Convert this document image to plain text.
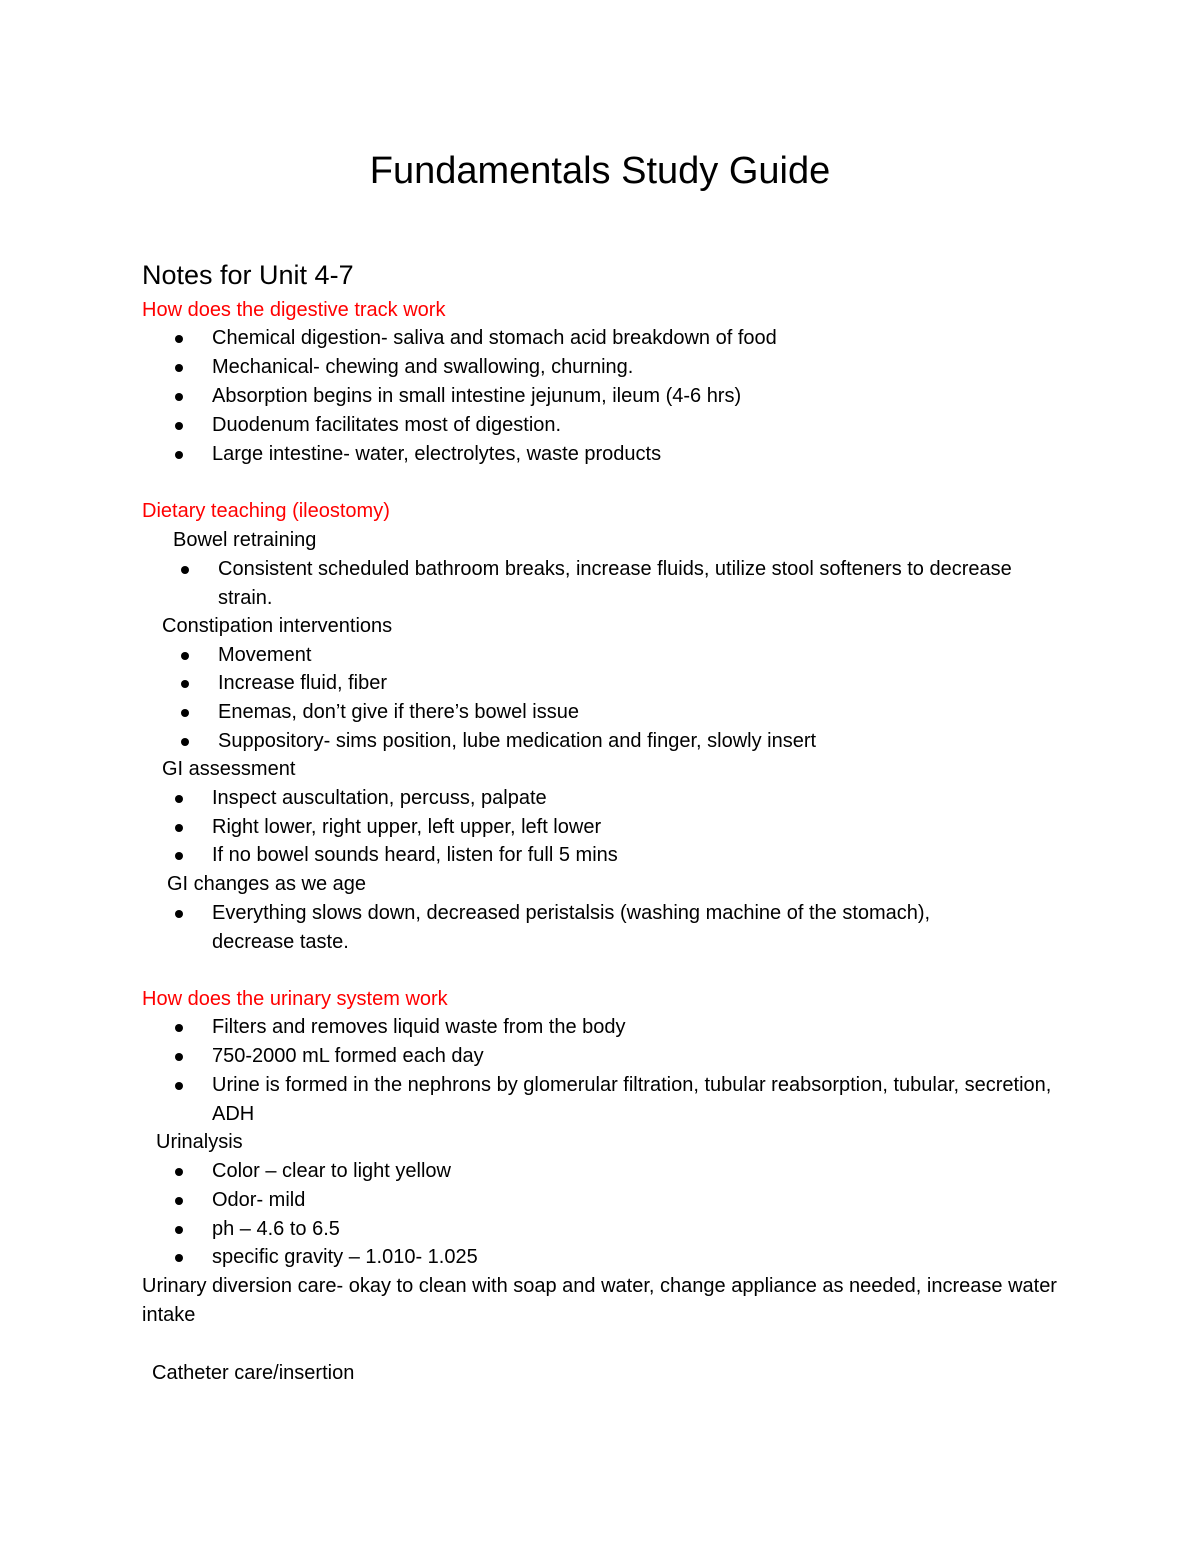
Fundamentals Study Guide
Notes for Unit 4-7
How does the digestive track work
Chemical digestion- saliva and stomach acid breakdown of food
Mechanical- chewing and swallowing, churning.
Absorption begins in small intestine jejunum, ileum (4-6 hrs)
Duodenum facilitates most of digestion.
Large intestine- water, electrolytes, waste products
Dietary teaching (ileostomy)
Bowel retraining
Consistent scheduled bathroom breaks, increase fluids, utilize stool softeners to decrease strain.
Constipation interventions
Movement
Increase fluid, fiber
Enemas, don’t give if there’s bowel issue
Suppository- sims position, lube medication and finger, slowly insert
GI assessment
Inspect auscultation, percuss, palpate
Right lower, right upper, left upper, left lower
If no bowel sounds heard, listen for full 5 mins
GI changes as we age
Everything slows down, decreased peristalsis (washing machine of the stomach), decrease taste.
How does the urinary system work
Filters and removes liquid waste from the body
750-2000 mL formed each day
Urine is formed in the nephrons by glomerular filtration, tubular reabsorption, tubular, secretion, ADH
Urinalysis
Color – clear to light yellow
Odor- mild
ph – 4.6 to 6.5
specific gravity – 1.010- 1.025
Urinary diversion care- okay to clean with soap and water, change appliance as needed, increase water intake
Catheter care/insertion
